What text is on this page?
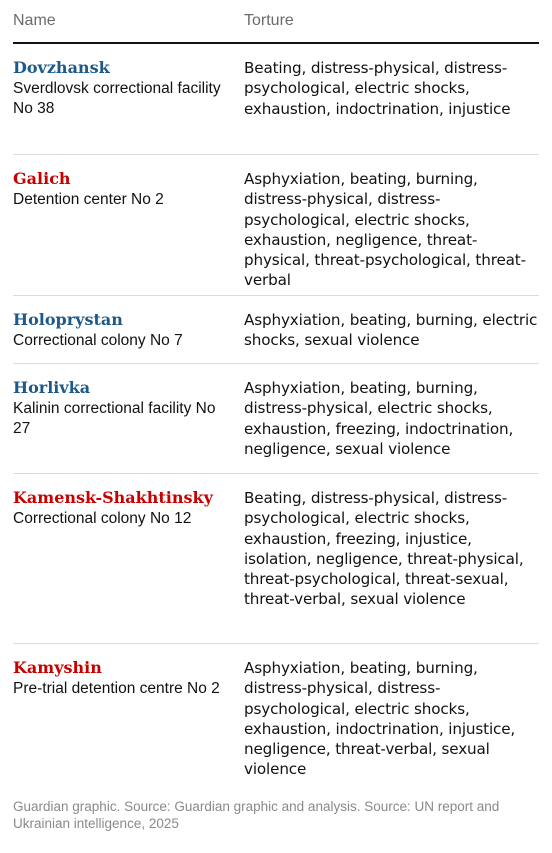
Name	Torture
Dovzhansk
Sverdlovsk correctional facility No 38
Beating, distress-physical, distress-psychological, electric shocks, exhaustion, indoctrination, injustice
Galich
Detention center No 2
Asphyxiation, beating, burning, distress-physical, distress-psychological, electric shocks, exhaustion, negligence, threat-physical, threat-psychological, threat-verbal
Holoprystan
Correctional colony No 7
Asphyxiation, beating, burning, electric shocks, sexual violence
Horlivka
Kalinin correctional facility No 27
Asphyxiation, beating, burning, distress-physical, electric shocks, exhaustion, freezing, indoctrination, negligence, sexual violence
Kamensk-Shakhtinsky
Correctional colony No 12
Beating, distress-physical, distress-psychological, electric shocks, exhaustion, freezing, injustice, isolation, negligence, threat-physical, threat-psychological, threat-sexual, threat-verbal, sexual violence
Kamyshin
Pre-trial detention centre No 2
Asphyxiation, beating, burning, distress-physical, distress-psychological, electric shocks, exhaustion, indoctrination, injustice, negligence, threat-verbal, sexual violence
Guardian graphic. Source: Guardian graphic and analysis. Source: UN report and Ukrainian intelligence, 2025
